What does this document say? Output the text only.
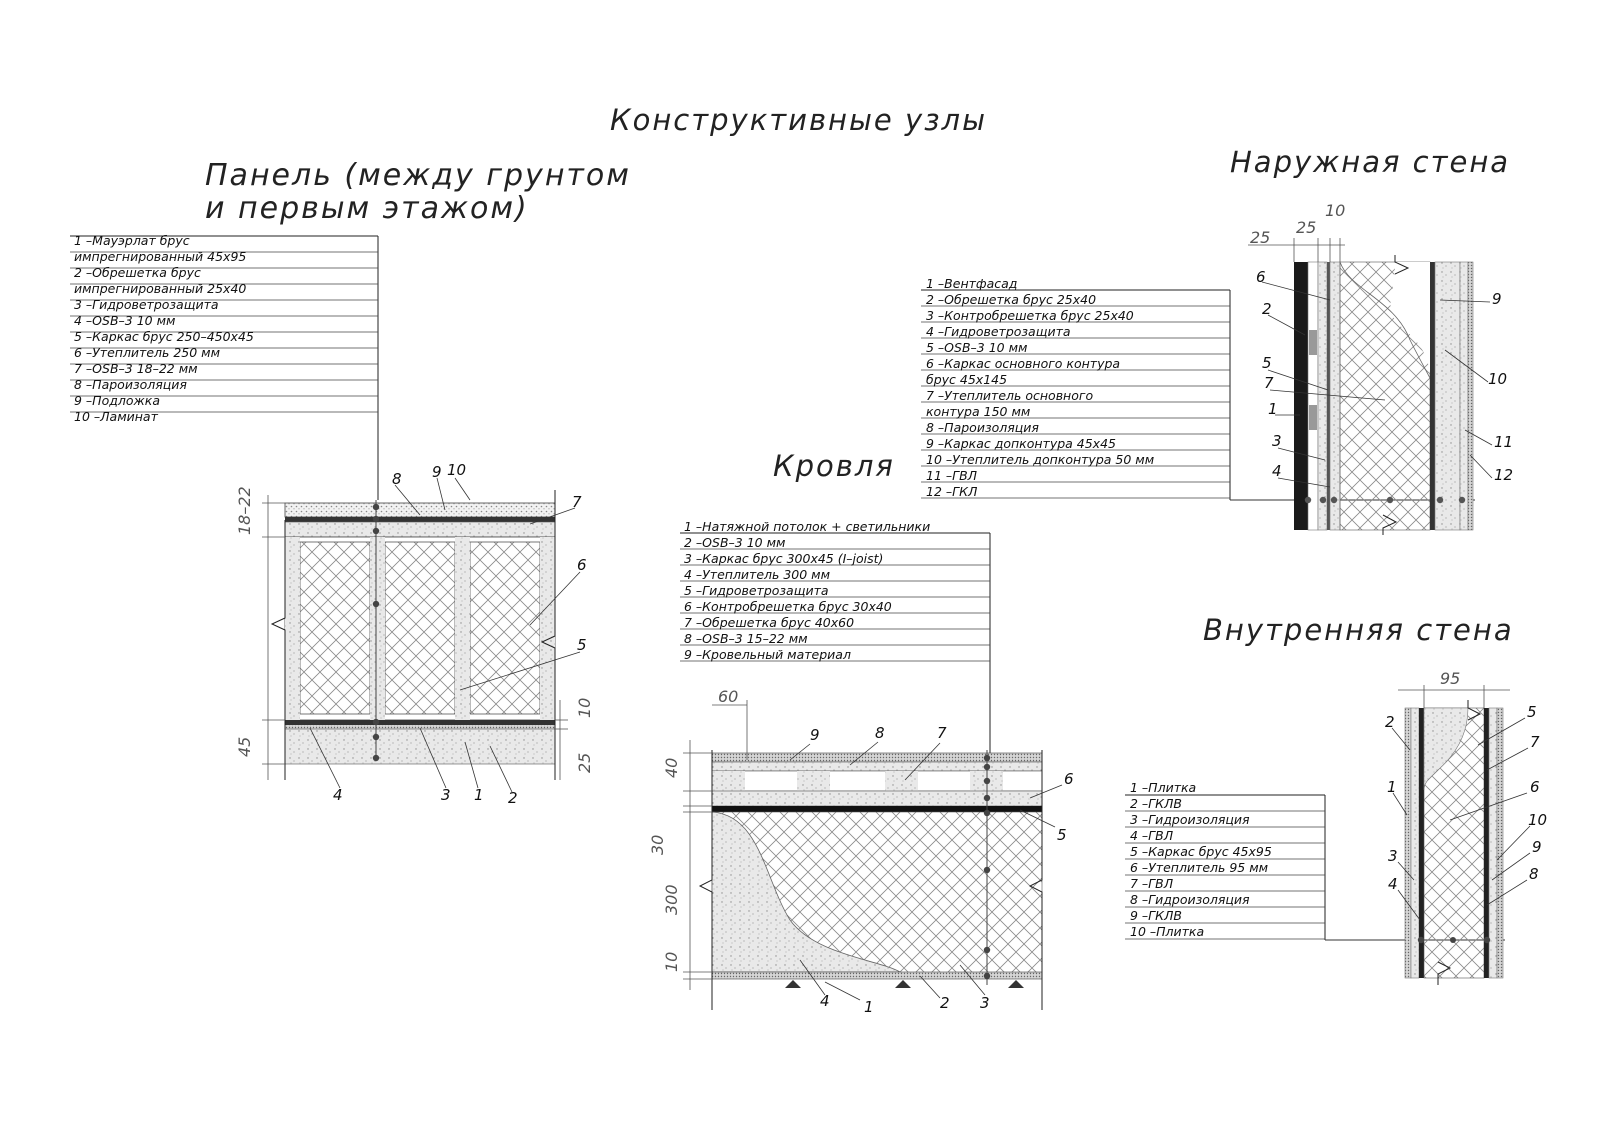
Конструктивные узлы
Панель (между грунтом
и первым этажом)
1 –Мауэрлат брус
импрегнированный 45х95
2 –Обрешетка брус
импрегнированный 25х40
3 –Гидроветрозащита
4 –OSB–3 10 мм
5 –Каркас брус 250–450х45
6 –Утеплитель 250 мм
7 –OSB–3 18–22 мм
8 –Пароизоляция
9 –Подложка
10 –Ламинат
18–22
45
10
25
8 9 10
7
6
5
4	3 1 2
Кровля
1 –Натяжной потолок + светильники
2 –OSB–3 10 мм
3 –Каркас брус 300х45 (I–joist)
4 –Утеплитель 300 мм
5 –Гидроветрозащита
6 –Контробрешетка брус 30х40
7 –Обрешетка брус 40х60
8 –OSB–3 15–22 мм
9 –Кровельный материал
60
40
30
300
10
9	8	7
6
5
4 1	2 3
Наружная стена
1 –Вентфасад
2 –Обрешетка брус 25х40
3 –Контробрешетка брус 25х40
4 –Гидроветрозащита
5 –OSB–3 10 мм
6 –Каркас основного контура
брус 45х145
7 –Утеплитель основного
контура 150 мм
8 –Пароизоляция
9 –Каркас допконтура 45х45
10 –Утеплитель допконтура 50 мм
11 –ГВЛ
12 –ГКЛ
25
25
10
6
2
5
7
1
3
4
9
10
11
12
Внутренняя стена
1 –Плитка
2 –ГКЛВ
3 –Гидроизоляция
4 –ГВЛ
5 –Каркас брус 45х95
6 –Утеплитель 95 мм
7 –ГВЛ
8 –Гидроизоляция
9 –ГКЛВ
10 –Плитка
95
2
1
3
4
5
7
6
10
9
8
